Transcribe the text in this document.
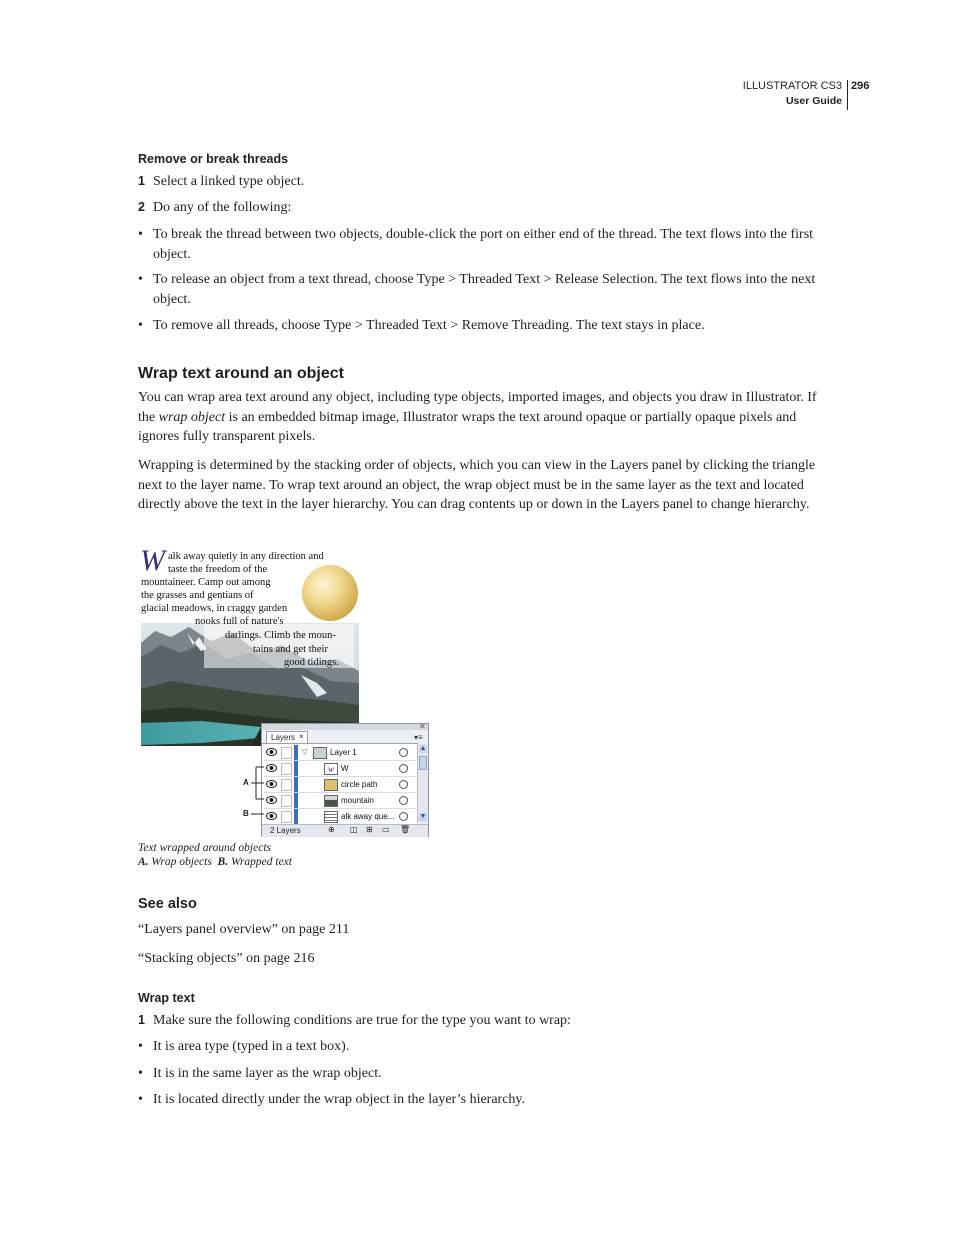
ILLUSTRATOR CS3
User Guide
296
Remove or break threads
1 Select a linked type object.
2 Do any of the following:
• To break the thread between two objects, double-click the port on either end of the thread. The text flows into the first object.
• To release an object from a text thread, choose Type > Threaded Text > Release Selection. The text flows into the next object.
• To remove all threads, choose Type > Threaded Text > Remove Threading. The text stays in place.
Wrap text around an object
You can wrap area text around any object, including type objects, imported images, and objects you draw in Illustrator. If the wrap object is an embedded bitmap image, Illustrator wraps the text around opaque or partially opaque pixels and ignores fully transparent pixels.
Wrapping is determined by the stacking order of objects, which you can view in the Layers panel by clicking the triangle next to the layer name. To wrap text around an object, the wrap object must be in the same layer as the text and located directly above the text in the layer hierarchy. You can drag contents up or down in the Layers panel to change hierarchy.
W alk away quietly in any direction and
taste the freedom of the
mountaineer. Camp out among
the grasses and gentians of
glacial meadows, in craggy garden
nooks full of nature's
darlings. Climb the moun-
tains and get their
good tidings.
✕
Layers ×	▾≡
▽	Layer 1
w W
circle path
mountain
alk away que...
▲
▼
2 Layers	⊕ ◫ ⊞ ▭ 🗑
A
B
Text wrapped around objects
A. Wrap objects B. Wrapped text
See also
“Layers panel overview” on page 211
“Stacking objects” on page 216
Wrap text
1 Make sure the following conditions are true for the type you want to wrap:
• It is area type (typed in a text box).
• It is in the same layer as the wrap object.
• It is located directly under the wrap object in the layer’s hierarchy.
